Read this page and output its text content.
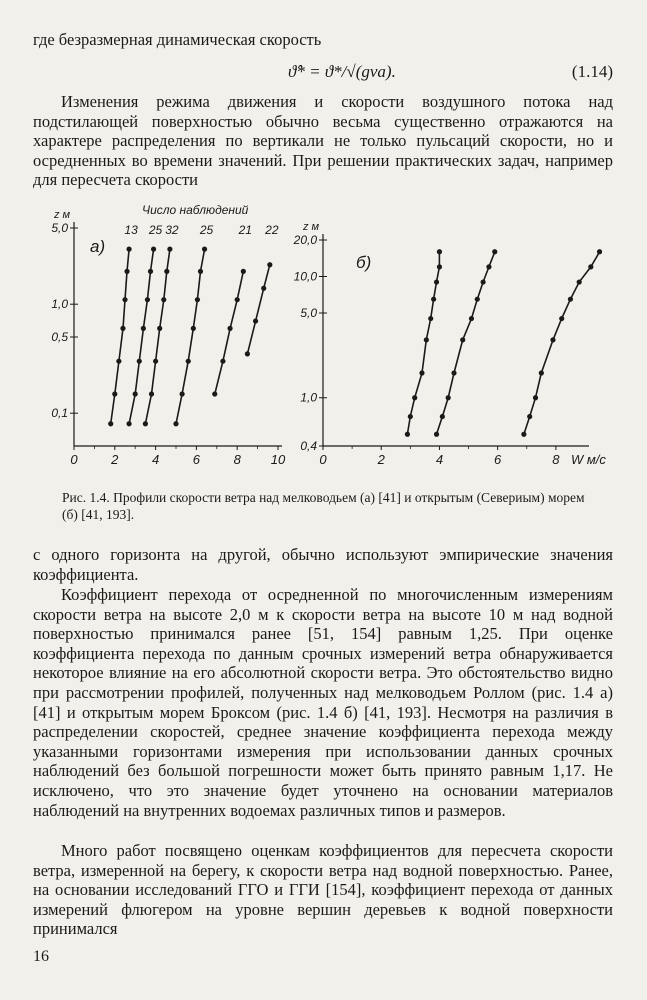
где безразмерная динамическая скорость
ϑ̂* = ϑ*/√(gνa).	(1.14)

Изменения режима движения и скорости воздушного потока над подстилающей поверхностью обычно весьма существенно отражаются на характере распределения по вертикали не только пульсаций скорости, но и осредненных во времени значений. При решении практических задач, например для пересчета скорости

z м
5,0
1,0
0,5
0,1
0	2	4	6	8 10
а)
13 25 32 25 21 22
Число наблюдений
z м
20,0
10,0
5,0
1,0
0,4
0	2	4	6	8 W м/с
б)

Рис. 1.4. Профили скорости ветра над мелководьем (а) [41] и открытым (Севериым) морем (б) [41, 193].

с одного горизонта на другой, обычно используют эмпирические значения коэффициента.

Коэффициент перехода от осредненной по многочисленным измерениям скорости ветра на высоте 2,0 м к скорости ветра на высоте 10 м над водной поверхностью принимался ранее [51, 154] равным 1,25. При оценке коэффициента перехода по данным срочных измерений ветра обнаруживается некоторое влияние на его абсолютной скорости ветра. Это обстоятельство видно при рассмотрении профилей, полученных над мелководьем Роллом (рис. 1.4 а) [41] и открытым морем Броксом (рис. 1.4 б) [41, 193]. Несмотря на различия в распределении скоростей, среднее значение коэффициента перехода между указанными горизонтами измерения при использовании данных срочных наблюдений без большой погрешности может быть принято равным 1,17. Не исключено, что это значение будет уточнено на основании материалов наблюдений на внутренних водоемах различных типов и размеров.

Много работ посвящено оценкам коэффициентов для пересчета скорости ветра, измеренной на берегу, к скорости ветра над водной поверхностью. Ранее, на основании исследований ГГО и ГГИ [154], коэффициент перехода от данных измерений флюгером на уровне вершин деревьев к водной поверхности принимался

16
